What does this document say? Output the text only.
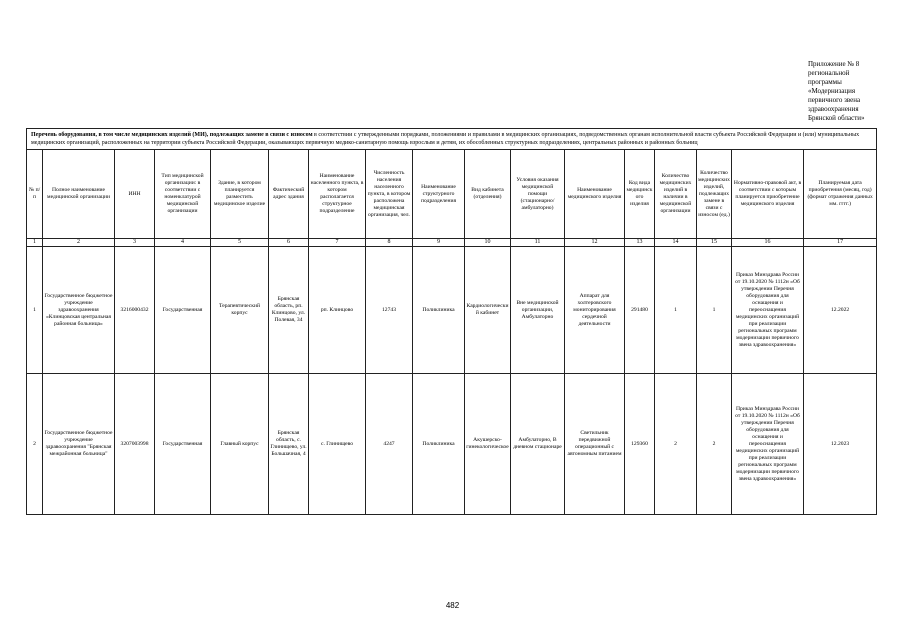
Приложение № 8
региональной
программы
«Модернизация
первичного звена
здравоохранения
Брянской области»
Перечень оборудования, в том числе медицинских изделий (МИ), подлежащих замене в связи с износом в соответствии с утвержденными порядками, положениями и правилами в медицинских организациях, подведомственных органам исполнительной власти субъекта Российской Федерации и (или) муниципальных медицинских организаций, расположенных на территории субъекта Российской Федерации, оказывающих первичную медико-санитарную помощь взрослым и детям, их обособленных структурных подразделениях, центральных районных и районных больниц																
№ п/п	Полное наименование медицинской организации	ИНН	Тип медицинской организации: в соответствии с номенклатурой медицинской организации	Здание, в котором планируется разместить медицинское изделие	Фактический адрес здания	Наименование населенного пункта, в котором располагается структурное подразделение	Численность населения населенного пункта, в котором расположена медицинская организация, чел.	Наименование структурного подразделения	Вид кабинета (отделения)	Условия оказания медицинской помощи (стационарно/амбулаторно)	Наименование медицинского изделия	Код вида медицинского изделия	Количество медицинских изделий в наличии в медицинской организации	Количество медицинских изделий, подлежащих замене в связи с износом (ед.)	Нормативно-правовой акт, в соответствии с которым планируется приобретение медицинского изделия	Планируемая дата приобретения (месяц, год) (формат отражения данных мм. гггг.)
1	2	3	4	5	6	7	8	9	10	11	12	13	14	15	16	17
1	Государственное бюджетное учреждение здравоохранения «Клинцовская центральная районная больница»	3216000432	Государственная	Терапевтический корпус	Брянская область, рп. Клинцово, ул. Полевая, 34	рп. Клинцово	12743	Поликлиника	Кардиологический кабинет	Вне медицинской организации, Амбулаторно	Аппарат для холтеровского мониторирования сердечной деятельности	291480	1	1	Приказ Минздрава России от 19.10.2020 № 1112н «Об утверждении Перечня оборудования для оснащения и переоснащения медицинских организаций при реализации региональных программ модернизации первичного звена здравоохранения»	12.2022
2	Государственное бюджетное учреждение здравоохранения "Брянская межрайонная больница"	3207003998	Государственная	Главный корпус	Брянская область, с. Глинищево, ул. Большачная, 4	с. Глинищево	4247	Поликлиника	Акушерско-гинекологическое	Амбулаторно, В дневном стационаре	Светильник передвижной операционный с автономным питанием	129360	2	2	Приказ Минздрава России от 19.10.2020 № 1112н «Об утверждении Перечня оборудования для оснащения и переоснащения медицинских организаций при реализации региональных программ модернизации первичного звена здравоохранения»	12.2023
482
